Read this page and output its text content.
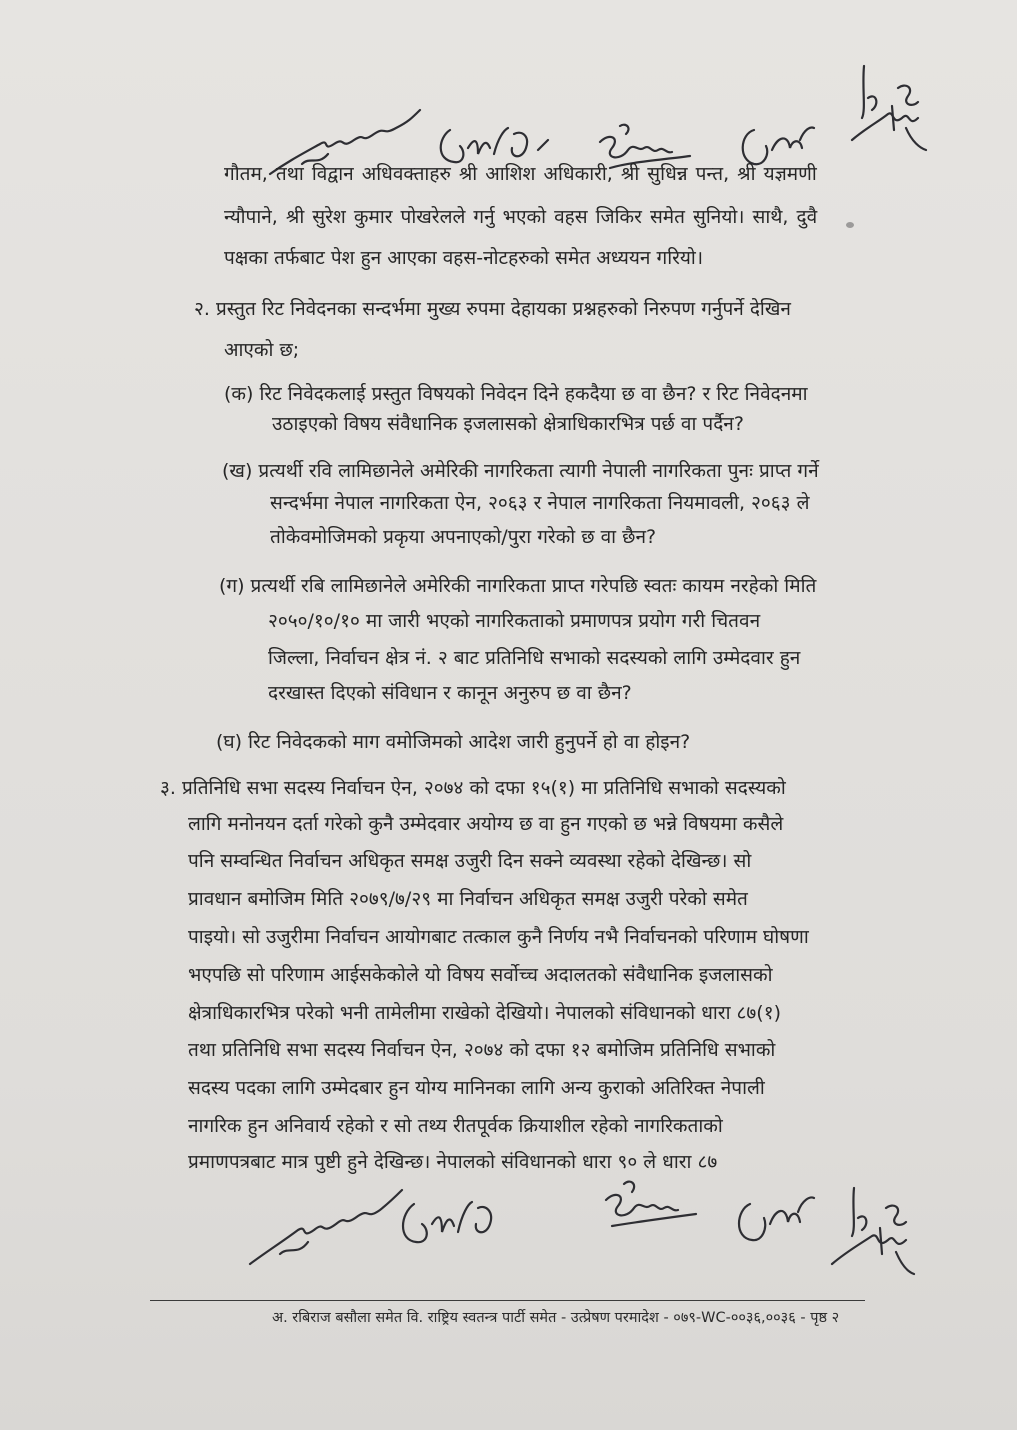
गौतम, तथा विद्वान अधिवक्ताहरु श्री आशिश अधिकारी, श्री सुधिन्न पन्त, श्री यज्ञमणी
न्यौपाने, श्री सुरेश कुमार पोखरेलले गर्नु भएको वहस जिकिर समेत सुनियो। साथै, दुवै
पक्षका तर्फबाट पेश हुन आएका वहस-नोटहरुको समेत अध्ययन गरियो।
२. प्रस्तुत रिट निवेदनका सन्दर्भमा मुख्य रुपमा देहायका प्रश्नहरुको निरुपण गर्नुपर्ने देखिन
आएको छ;
(क) रिट निवेदकलाई प्रस्तुत विषयको निवेदन दिने हकदैया छ वा छैन? र रिट निवेदनमा
उठाइएको विषय संवैधानिक इजलासको क्षेत्राधिकारभित्र पर्छ वा पर्दैन?
(ख) प्रत्यर्थी रवि लामिछानेले अमेरिकी नागरिकता त्यागी नेपाली नागरिकता पुनः प्राप्त गर्ने
सन्दर्भमा नेपाल नागरिकता ऐन, २०६३ र नेपाल नागरिकता नियमावली, २०६३ ले
तोकेवमोजिमको प्रकृया अपनाएको/पुरा गरेको छ वा छैन?
(ग) प्रत्यर्थी रबि लामिछानेले अमेरिकी नागरिकता प्राप्त गरेपछि स्वतः कायम नरहेको मिति
२०५०/१०/१० मा जारी भएको नागरिकताको प्रमाणपत्र प्रयोग गरी चितवन
जिल्ला, निर्वाचन क्षेत्र नं. २ बाट प्रतिनिधि सभाको सदस्यको लागि उम्मेदवार हुन
दरखास्त दिएको संविधान र कानून अनुरुप छ वा छैन?
(घ) रिट निवेदकको माग वमोजिमको आदेश जारी हुनुपर्ने हो वा होइन?
३. प्रतिनिधि सभा सदस्य निर्वाचन ऐन, २०७४ को दफा १५(१) मा प्रतिनिधि सभाको सदस्यको
लागि मनोनयन दर्ता गरेको कुनै उम्मेदवार अयोग्य छ वा हुन गएको छ भन्ने विषयमा कसैले
पनि सम्वन्धित निर्वाचन अधिकृत समक्ष उजुरी दिन सक्ने व्यवस्था रहेको देखिन्छ। सो
प्रावधान बमोजिम मिति २०७९/७/२९ मा निर्वाचन अधिकृत समक्ष उजुरी परेको समेत
पाइयो। सो उजुरीमा निर्वाचन आयोगबाट तत्काल कुनै निर्णय नभै निर्वाचनको परिणाम घोषणा
भएपछि सो परिणाम आईसकेकोले यो विषय सर्वोच्च अदालतको संवैधानिक इजलासको
क्षेत्राधिकारभित्र परेको भनी तामेलीमा राखेको देखियो। नेपालको संविधानको धारा ८७(१)
तथा प्रतिनिधि सभा सदस्य निर्वाचन ऐन, २०७४ को दफा १२ बमोजिम प्रतिनिधि सभाको
सदस्य पदका लागि उम्मेदबार हुन योग्य मानिनका लागि अन्य कुराको अतिरिक्त नेपाली
नागरिक हुन अनिवार्य रहेको र सो तथ्य रीतपूर्वक क्रियाशील रहेको नागरिकताको
प्रमाणपत्रबाट मात्र पुष्टी हुने देखिन्छ। नेपालको संविधानको धारा ९० ले धारा ८७
अ. रबिराज बसौला समेत वि. राष्ट्रिय स्वतन्त्र पार्टी समेत - उत्प्रेषण परमादेश - ०७९-WC-००३६,००३६ - पृष्ठ २
